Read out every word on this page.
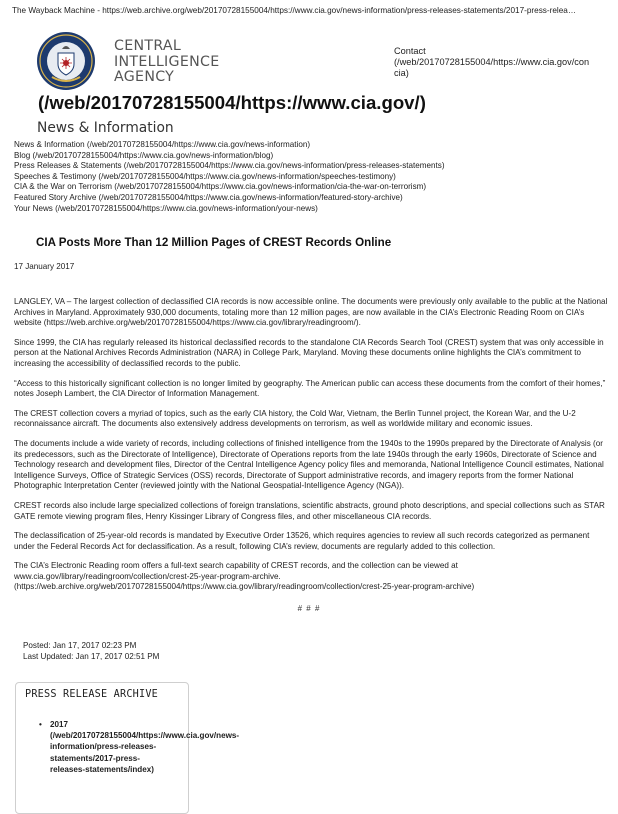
The Wayback Machine - https://web.archive.org/web/20170728155004/https://www.cia.gov/news-information/press-releases-statements/2017-press-relea…
CENTRAL
INTELLIGENCE
AGENCY
(/web/20170728155004/https://www.cia.gov/)
Contact
(/web/20170728155004/https://www.cia.gov/con
cia)
News & Information
News & Information (/web/20170728155004/https://www.cia.gov/news-information)
Blog (/web/20170728155004/https://www.cia.gov/news-information/blog)
Press Releases & Statements (/web/20170728155004/https://www.cia.gov/news-information/press-releases-statements)
Speeches & Testimony (/web/20170728155004/https://www.cia.gov/news-information/speeches-testimony)
CIA & the War on Terrorism (/web/20170728155004/https://www.cia.gov/news-information/cia-the-war-on-terrorism)
Featured Story Archive (/web/20170728155004/https://www.cia.gov/news-information/featured-story-archive)
Your News (/web/20170728155004/https://www.cia.gov/news-information/your-news)
CIA Posts More Than 12 Million Pages of CREST Records Online
17 January 2017

LANGLEY, VA – The largest collection of declassified CIA records is now accessible online. The documents were previously only available to the public at the National Archives in Maryland. Approximately 930,000 documents, totaling more than 12 million pages, are now available in the CIA’s Electronic Reading Room on CIA’s website (https://web.archive.org/web/20170728155004/https://www.cia.gov/library/readingroom/).

Since 1999, the CIA has regularly released its historical declassified records to the standalone CIA Records Search Tool (CREST) system that was only accessible in person at the National Archives Records Administration (NARA) in College Park, Maryland. Moving these documents online highlights the CIA’s commitment to increasing the accessibility of declassified records to the public.

“Access to this historically significant collection is no longer limited by geography. The American public can access these documents from the comfort of their homes,” notes Joseph Lambert, the CIA Director of Information Management.

The CREST collection covers a myriad of topics, such as the early CIA history, the Cold War, Vietnam, the Berlin Tunnel project, the Korean War, and the U-2 reconnaissance aircraft. The documents also extensively address developments on terrorism, as well as worldwide military and economic issues.

The documents include a wide variety of records, including collections of finished intelligence from the 1940s to the 1990s prepared by the Directorate of Analysis (or its predecessors, such as the Directorate of Intelligence), Directorate of Operations reports from the late 1940s through the early 1960s, Directorate of Science and Technology research and development files, Director of the Central Intelligence Agency policy files and memoranda, National Intelligence Council estimates, National Intelligence Surveys, Office of Strategic Services (OSS) records, Directorate of Support administrative records, and imagery reports from the former National Photographic Interpretation Center (reviewed jointly with the National Geospatial-Intelligence Agency (NGA)).

CREST records also include large specialized collections of foreign translations, scientific abstracts, ground photo descriptions, and special collections such as STAR GATE remote viewing program files, Henry Kissinger Library of Congress files, and other miscellaneous CIA records.

The declassification of 25-year-old records is mandated by Executive Order 13526, which requires agencies to review all such records categorized as permanent under the Federal Records Act for declassification. As a result, following CIA’s review, documents are regularly added to this collection.

The CIA’s Electronic Reading room offers a full-text search capability of CREST records, and the collection can be viewed at
www.cia.gov/library/readingroom/collection/crest-25-year-program-archive.
(https://web.archive.org/web/20170728155004/https://www.cia.gov/library/readingroom/collection/crest-25-year-program-archive)

# # #
Posted: Jan 17, 2017 02:23 PM
Last Updated: Jan 17, 2017 02:51 PM
PRESS RELEASE ARCHIVE
• 2017
(/web/20170728155004/https://www.cia.gov/news-
information/press-releases-
statements/2017-press-
releases-statements/index)
